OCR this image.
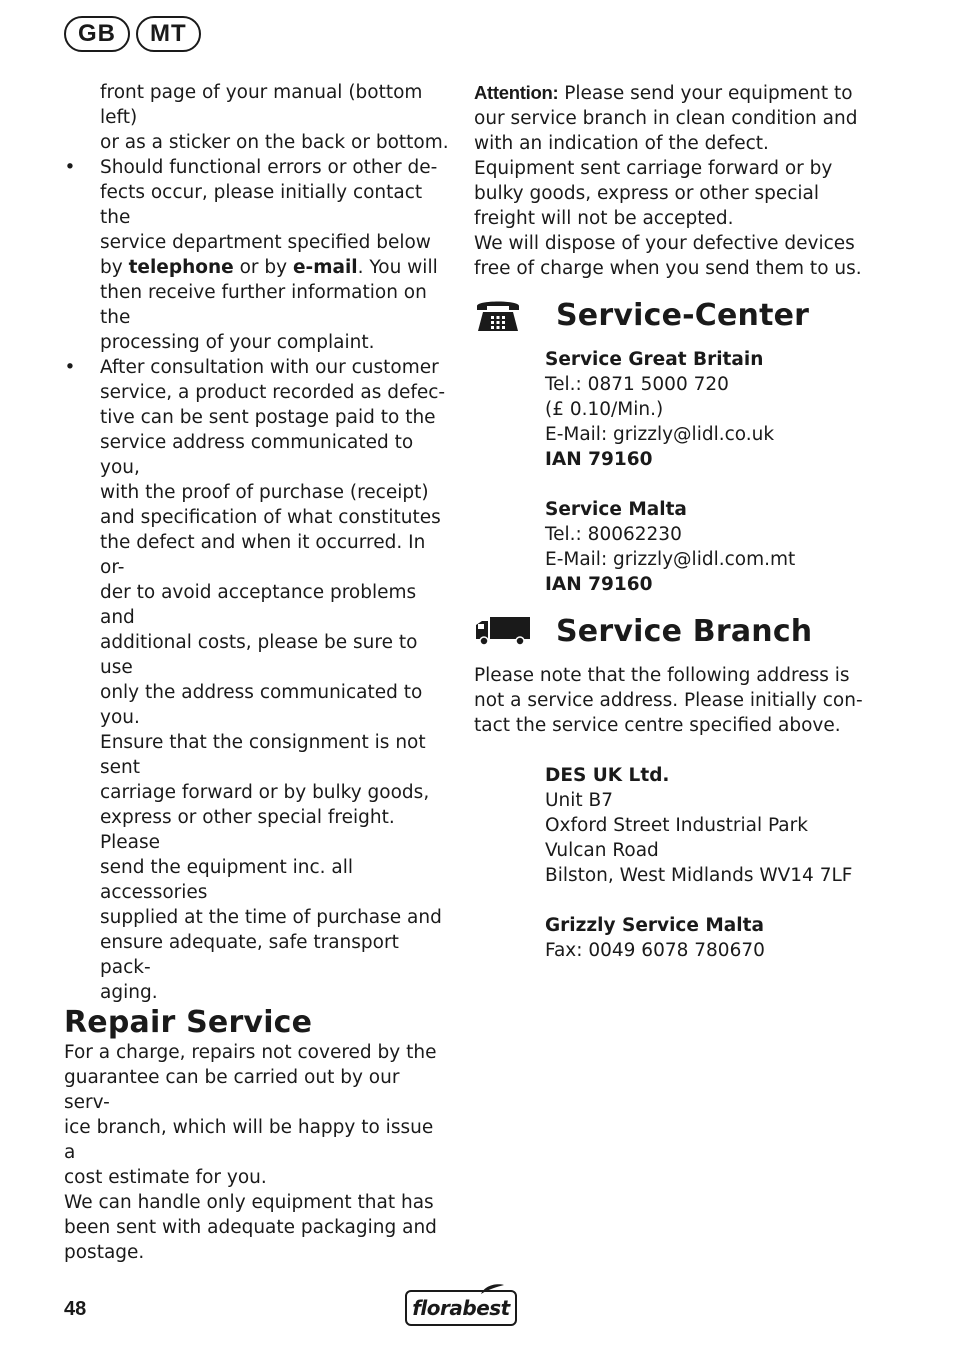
GB	MT

front page of your manual (bottom left)

or as a sticker on the back or bottom.

• Should functional errors or other de-
fects occur, please initially contact the
service department specified below
by telephone or by e-mail. You will
then receive further information on the
processing of your complaint.
• After consultation with our customer

service, a product recorded as defec-

tive can be sent postage paid to the

service address communicated to you,

with the proof of purchase (receipt)

and specification of what constitutes

the defect and when it occurred. In or-

der to avoid acceptance problems and

additional costs, please be sure to use

only the address communicated to you.

Ensure that the consignment is not sent

carriage forward or by bulky goods,

express or other special freight. Please

send the equipment inc. all accessories

supplied at the time of purchase and

ensure adequate, safe transport pack-

aging.

Repair Service

For a charge, repairs not covered by the

guarantee can be carried out by our serv-

ice branch, which will be happy to issue a

cost estimate for you.

We can handle only equipment that has

been sent with adequate packaging and

postage.

Attention: Please send your equipment to

our service branch in clean condition and

with an indication of the defect.

Equipment sent carriage forward or by

bulky goods, express or other special

freight will not be accepted.

We will dispose of your defective devices

free of charge when you send them to us.

Service-Center

Service Great Britain

Tel.: 0871 5000 720

(£ 0.10/Min.)

E-Mail: grizzly@lidl.co.uk

IAN 79160

Service Malta

Tel.: 80062230

E-Mail: grizzly@lidl.com.mt

IAN 79160

Service Branch

Please note that the following address is

not a service address. Please initially con-

tact the service centre specified above.

DES UK Ltd.

Unit B7

Oxford Street Industrial Park

Vulcan Road

Bilston, West Midlands WV14 7LF

Grizzly Service Malta

Fax: 0049 6078 780670

48	florabest
